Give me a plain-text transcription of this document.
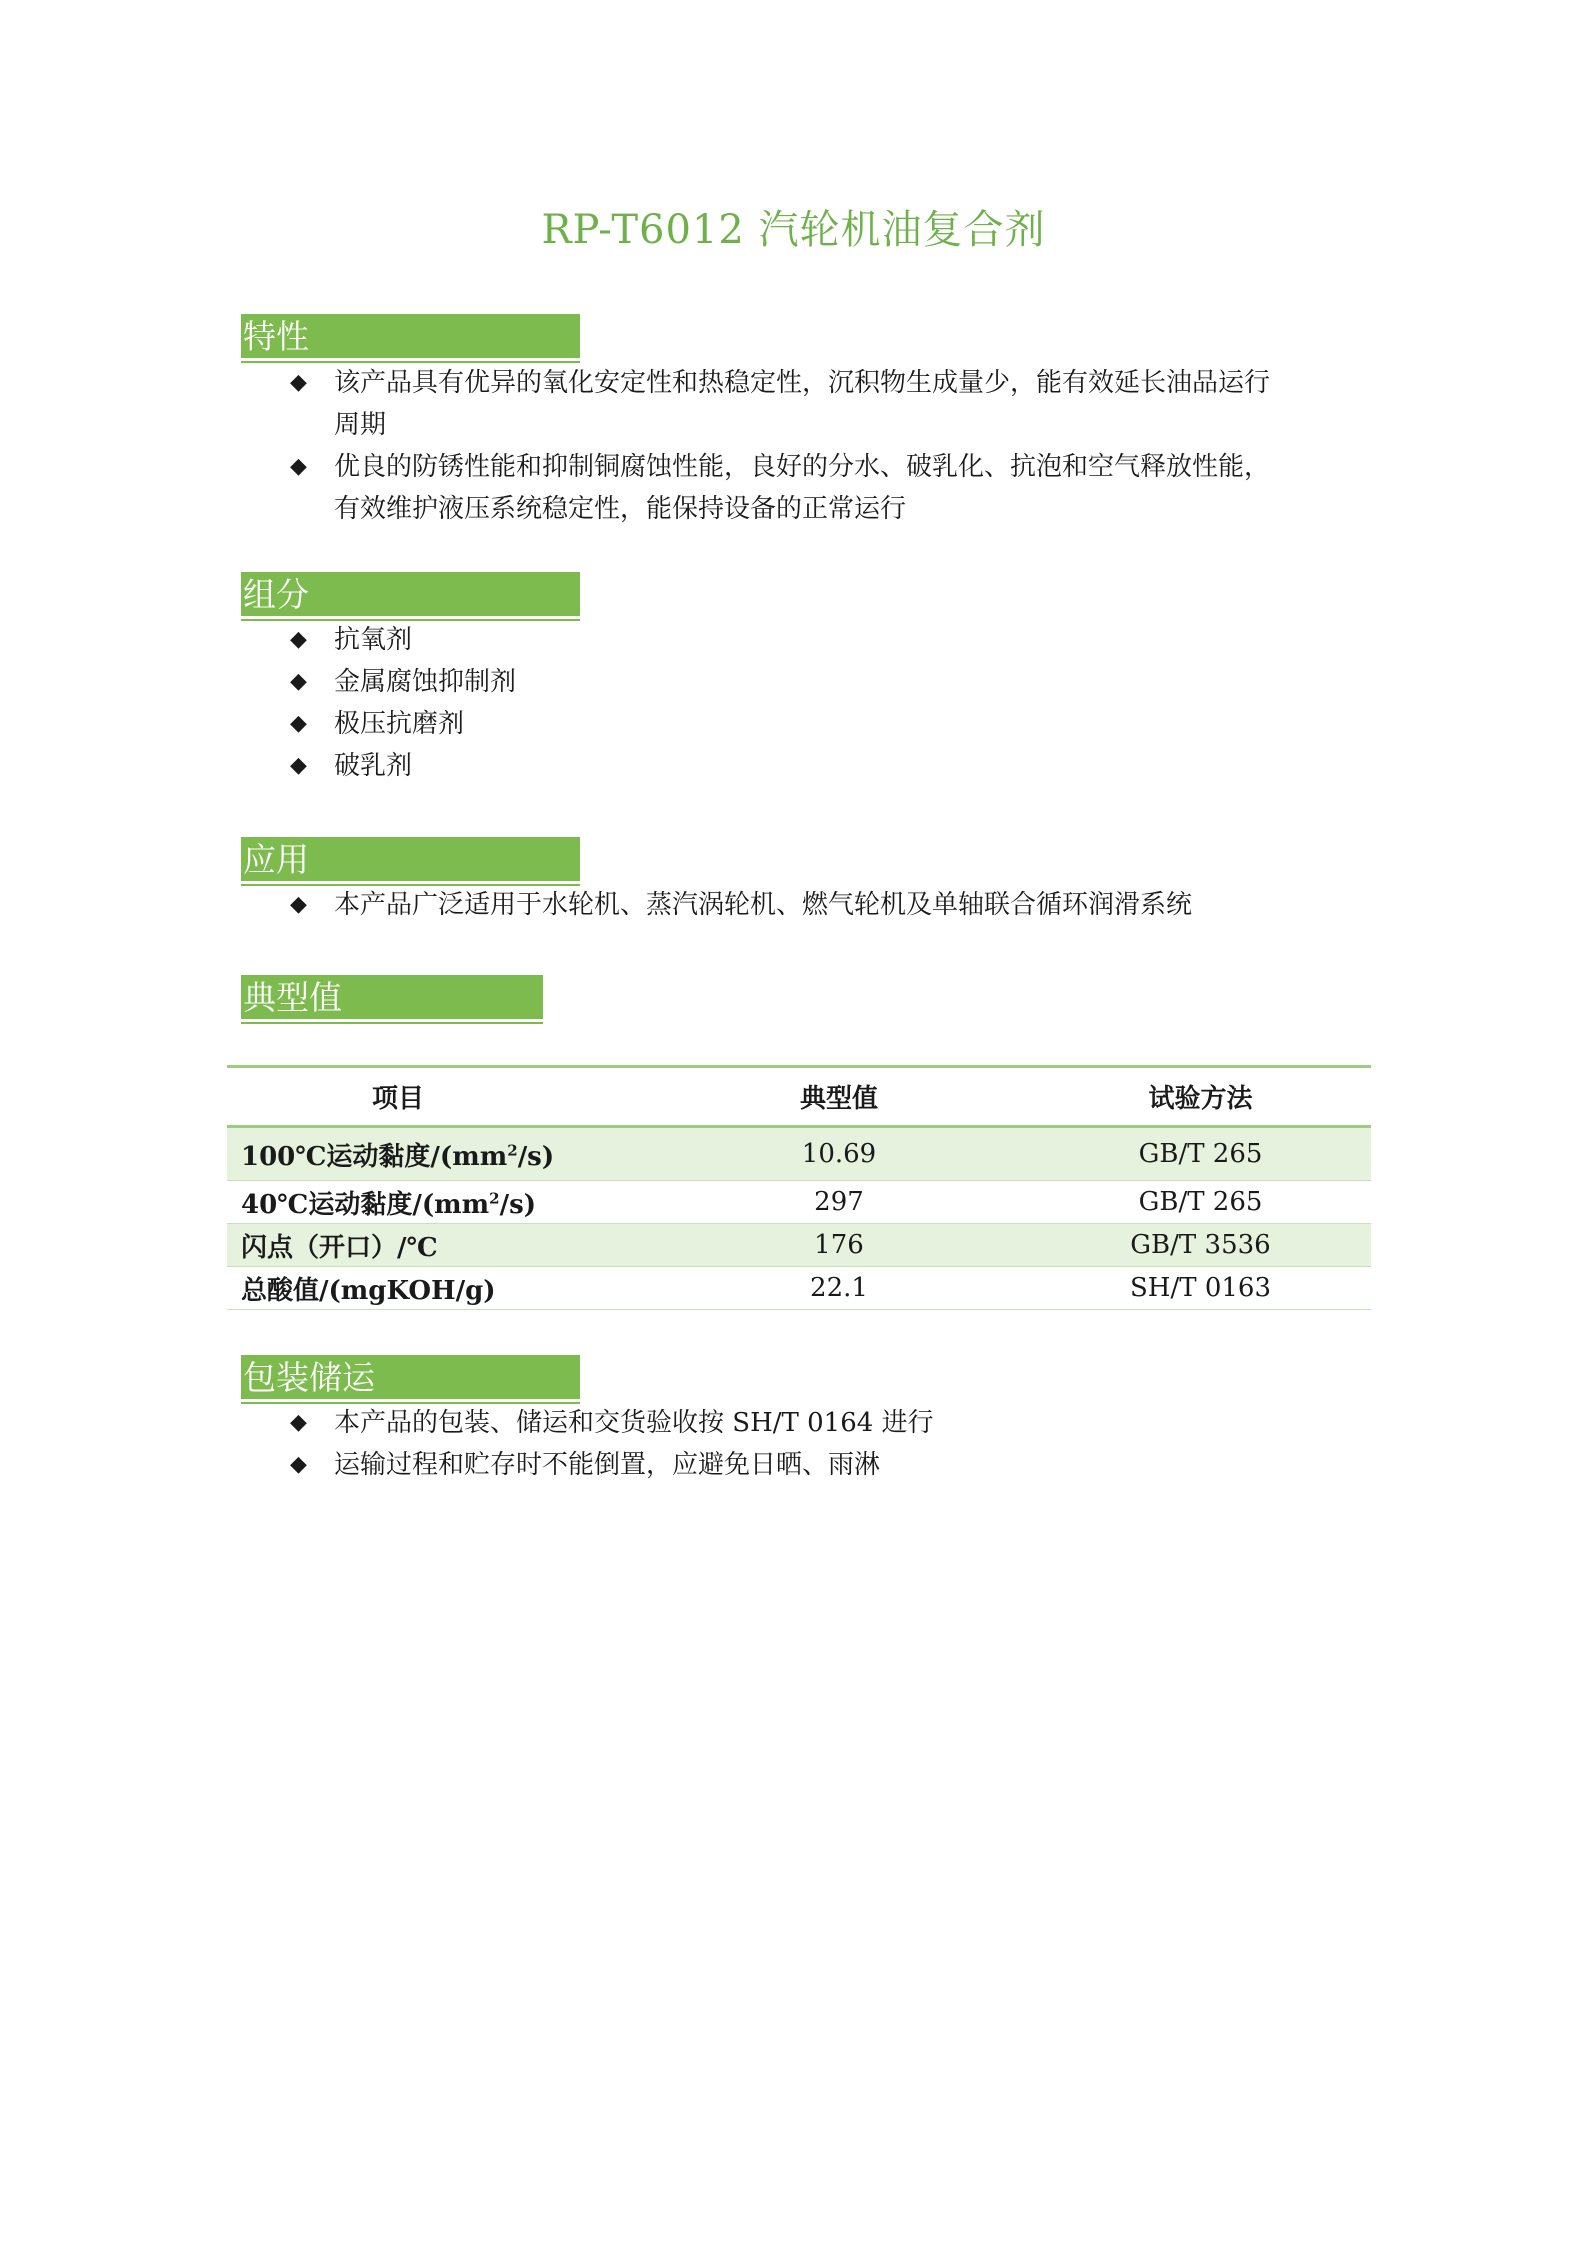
RP-T6012 汽轮机油复合剂
特性
◆ 该产品具有优异的氧化安定性和热稳定性，沉积物生成量少，能有效延长油品运行
周期
◆ 优良的防锈性能和抑制铜腐蚀性能，良好的分水、破乳化、抗泡和空气释放性能，
有效维护液压系统稳定性，能保持设备的正常运行
组分
◆ 抗氧剂
◆ 金属腐蚀抑制剂
◆ 极压抗磨剂
◆ 破乳剂
应用
◆ 本产品广泛适用于水轮机、蒸汽涡轮机、燃气轮机及单轴联合循环润滑系统
典型值
项目	典型值	试验方法
100℃运动黏度$/(mm^2/s)$	10.69	GB/T 265
40℃运动黏度$/(mm^2/s)$	297	GB/T 265
闪点（开口）/℃	176	GB/T 3536
总酸值/(mgKOH/g)	22.1	SH/T 0163
包装储运
◆ 本产品的包装、储运和交货验收按 SH/T 0164 进行
◆ 运输过程和贮存时不能倒置，应避免日晒、雨淋
